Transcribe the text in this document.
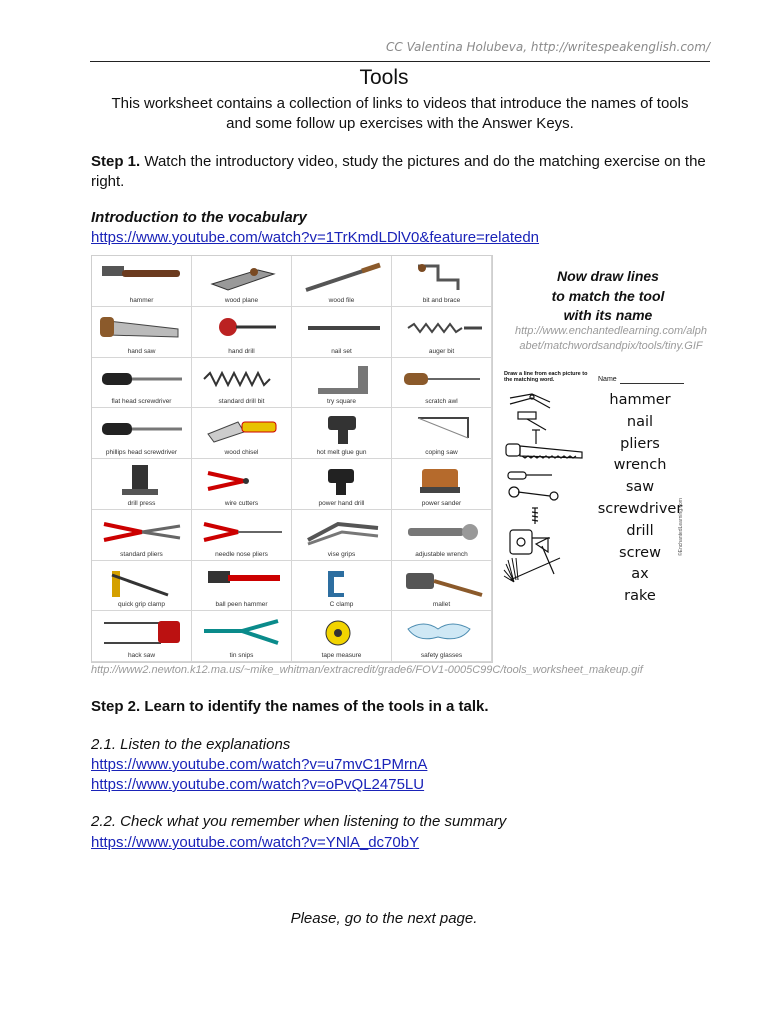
CC Valentina Holubeva, http://writespeakenglish.com/
Tools
This worksheet contains a collection of links to videos that introduce the names of tools
and some follow up exercises with the Answer Keys.
Step 1. Watch the introductory video, study the pictures and do the matching exercise on the right.
Introduction to the vocabulary
https://www.youtube.com/watch?v=1TrKmdLDlV0&feature=relatedn
hammer	wood plane	wood file	bit and brace
hand saw	hand drill	nail set	auger bit
flat head screwdriver	standard drill bit	try square	scratch awl
phillips head screwdriver	wood chisel	hot melt glue gun	coping saw
drill press	wire cutters	power hand drill	power sander
standard pliers	needle nose pliers	vise grips	adjustable wrench
quick grip clamp	ball peen hammer	C clamp	mallet
hack saw	tin snips	tape measure	safety glasses
http://www2.newton.k12.ma.us/~mike_whitman/extracredit/grade6/FOV1-0005C99C/tools_worksheet_makeup.gif
Now draw lines
to match the tool
with its name
http://www.enchantedlearning.com/alph
abet/matchwordsandpix/tools/tiny.GIF
Draw a line from each picture to the matching word.	Name
hammer
nail
pliers
wrench
saw
screwdriver
drill
screw
ax
rake
©EnchantedLearning.com
Step 2. Learn to identify the names of the tools in a talk.
2.1. Listen to the explanations
https://www.youtube.com/watch?v=u7mvC1PMrnA
https://www.youtube.com/watch?v=oPvQL2475LU
2.2. Check what you remember when listening to the summary
https://www.youtube.com/watch?v=YNlA_dc70bY
Please, go to the next page.
